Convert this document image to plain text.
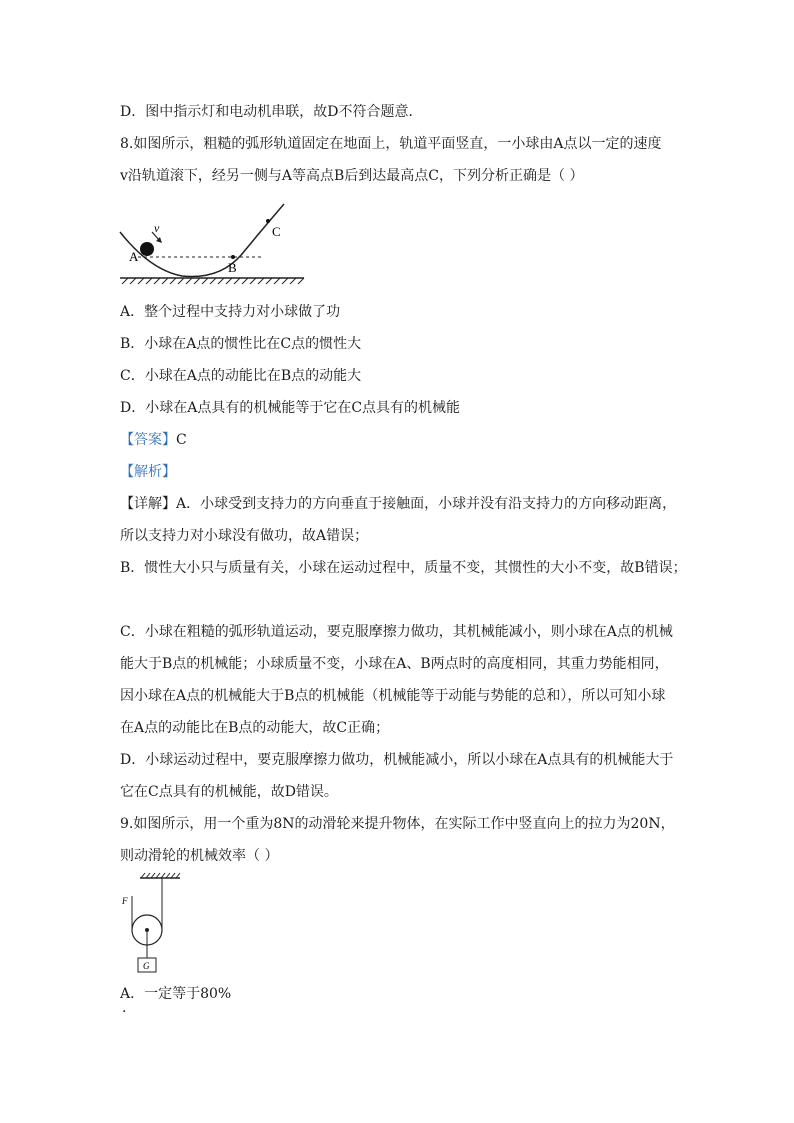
D．图中指示灯和电动机串联，故D不符合题意．
8.如图所示，粗糙的弧形轨道固定在地面上，轨道平面竖直，一小球由A点以一定的速度
v沿轨道滚下，经另一侧与A等高点B后到达最高点C，下列分析正确是（ ）
v
A
B
C
A．整个过程中支持力对小球做了功
B．小球在A点的惯性比在C点的惯性大
C．小球在A点的动能比在B点的动能大
D．小球在A点具有的机械能等于它在C点具有的机械能
【答案】C
【解析】
【详解】A．小球受到支持力的方向垂直于接触面，小球并没有沿支持力的方向移动距离，
所以支持力对小球没有做功，故A错误；
B．惯性大小只与质量有关，小球在运动过程中，质量不变，其惯性的大小不变，故B错误；
C．小球在粗糙的弧形轨道运动，要克服摩擦力做功，其机械能减小，则小球在A点的机械
能大于B点的机械能；小球质量不变，小球在A、B两点时的高度相同，其重力势能相同，
因小球在A点的机械能大于B点的机械能（机械能等于动能与势能的总和），所以可知小球
在A点的动能比在B点的动能大，故C正确；
D．小球运动过程中，要克服摩擦力做功，机械能减小，所以小球在A点具有的机械能大于
它在C点具有的机械能，故D错误。
9.如图所示，用一个重为8N的动滑轮来提升物体，在实际工作中竖直向上的拉力为20N，
则动滑轮的机械效率（ ）
G
F
A．一定等于80%
.
